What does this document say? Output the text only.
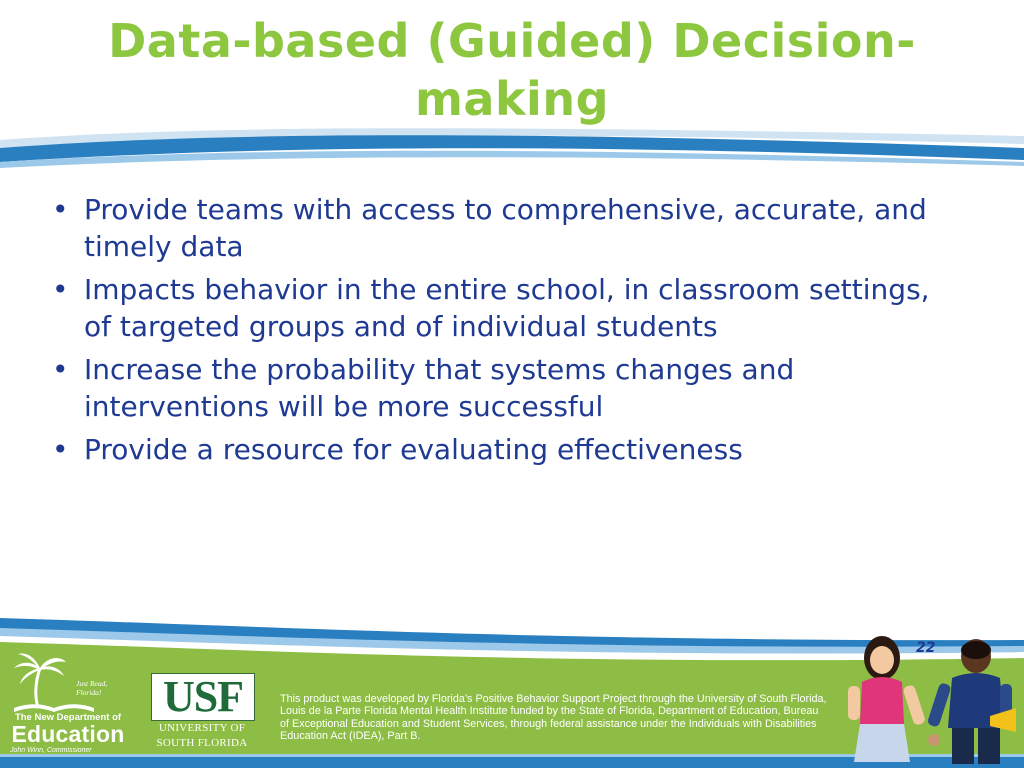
Data-based (Guided) Decision-making
• Provide teams with access to comprehensive, accurate, and timely data
• Impacts behavior in the entire school, in classroom settings, of targeted groups and of individual students
• Increase the probability that systems changes and interventions will be more successful
• Provide a resource for evaluating effectiveness
22
Just Read, Florida!
The New Department of
Education
John Winn, Commissioner
USF
UNIVERSITY OF
SOUTH FLORIDA
This product was developed by Florida’s Positive Behavior Support Project through the University of South Florida, Louis de la Parte Florida Mental Health Institute funded by the State of Florida, Department of Education, Bureau of Exceptional Education and Student Services, through federal assistance under the Individuals with Disabilities Education Act (IDEA), Part B.
